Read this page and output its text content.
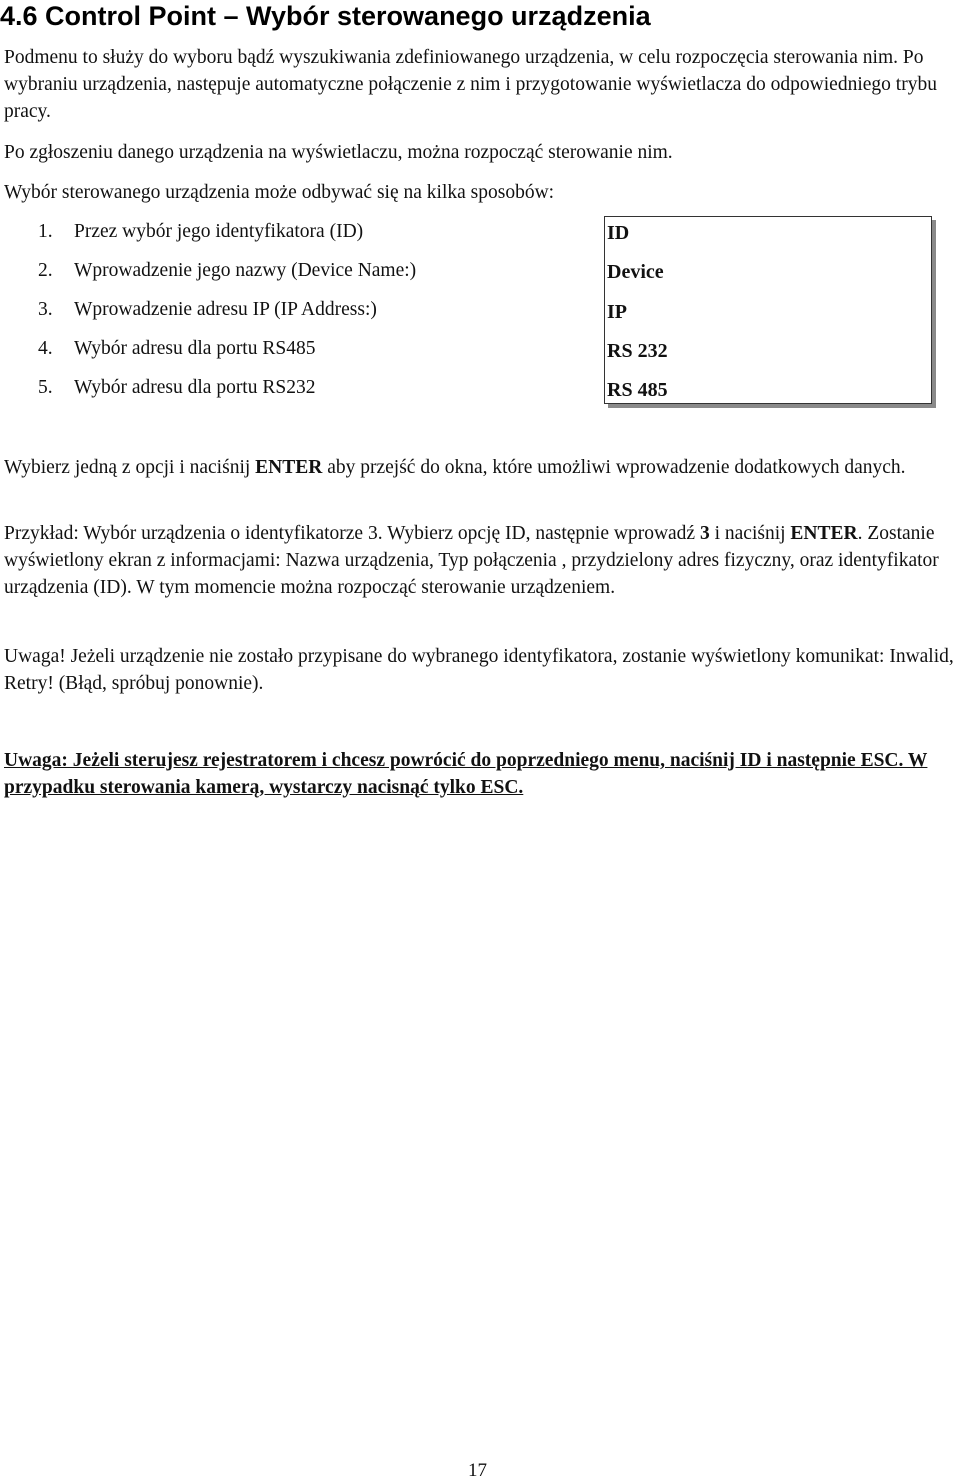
4.6 Control Point – Wybór sterowanego urządzenia

Podmenu to służy do wyboru bądź wyszukiwania zdefiniowanego urządzenia, w celu rozpoczęcia sterowania nim. Po wybraniu urządzenia, następuje automatyczne połączenie z nim i przygotowanie wyświetlacza do odpowiedniego trybu pracy.

Po zgłoszeniu danego urządzenia na wyświetlaczu, można rozpocząć sterowanie nim.

Wybór sterowanego urządzenia może odbywać się na kilka sposobów:

1. Przez wybór jego identyfikatora (ID)
2. Wprowadzenie jego nazwy (Device Name:)
3. Wprowadzenie adresu IP (IP Address:)
4. Wybór adresu dla portu RS485
5. Wybór adresu dla portu RS232
ID
Device
IP
RS 232
RS 485

Wybierz jedną z opcji i naciśnij ENTER aby przejść do okna, które umożliwi wprowadzenie dodatkowych danych.

Przykład: Wybór urządzenia o identyfikatorze 3. Wybierz opcję ID, następnie wprowadź 3 i naciśnij ENTER. Zostanie wyświetlony ekran z informacjami: Nazwa urządzenia, Typ połączenia , przydzielony adres fizyczny, oraz identyfikator urządzenia (ID). W tym momencie można rozpocząć sterowanie urządzeniem.

Uwaga! Jeżeli urządzenie nie zostało przypisane do wybranego identyfikatora, zostanie wyświetlony komunikat: Inwalid, Retry! (Błąd, spróbuj ponownie).

Uwaga: Jeżeli sterujesz rejestratorem i chcesz powrócić do poprzedniego menu, naciśnij ID i następnie ESC. W przypadku sterowania kamerą, wystarczy nacisnąć tylko ESC.

17
